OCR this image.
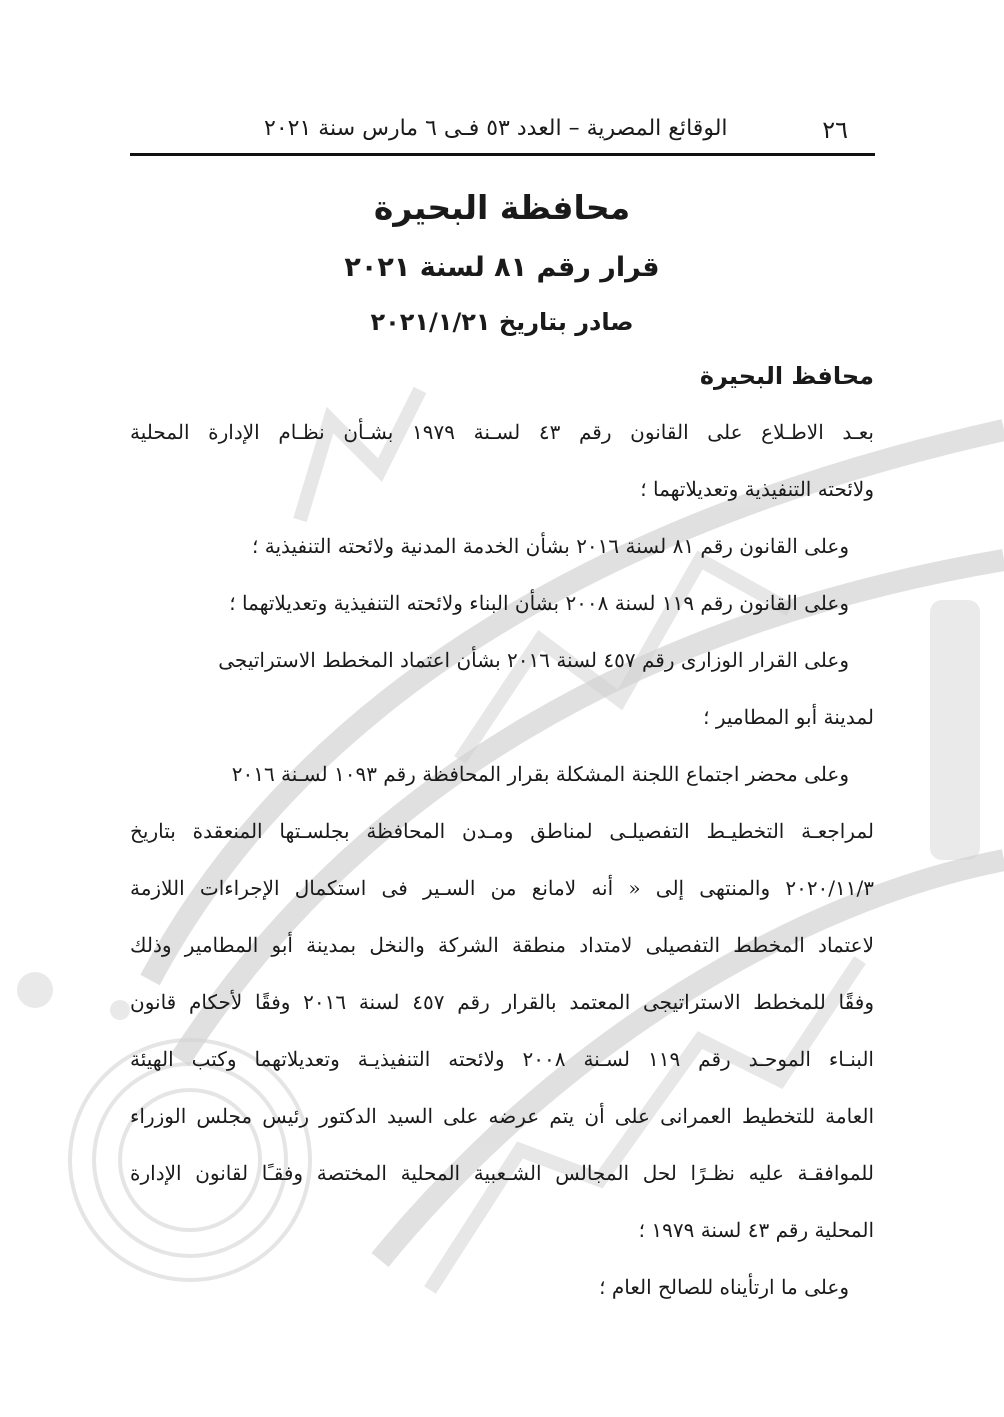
٢٦
الوقائع المصرية – العدد ٥٣ فـى ٦ مارس سنة ٢٠٢١
محافظة البحيرة
قرار رقم ٨١ لسنة ٢٠٢١
صادر بتاريخ ٢٠٢١/١/٢١
محافظ البحيرة
بعـد الاطـلاع على القانون رقم ٤٣ لسـنة ١٩٧٩ بشـأن نظـام الإدارة المحلية
ولائحته التنفيذية وتعديلاتهما ؛
وعلى القانون رقم ٨١ لسنة ٢٠١٦ بشأن الخدمة المدنية ولائحته التنفيذية ؛
وعلى القانون رقم ١١٩ لسنة ٢٠٠٨ بشأن البناء ولائحته التنفيذية وتعديلاتهما ؛
وعلى القرار الوزارى رقم ٤٥٧ لسنة ٢٠١٦ بشأن اعتماد المخطط الاستراتيجى
لمدينة أبو المطامير ؛
وعلى محضر اجتماع اللجنة المشكلة بقرار المحافظة رقم ١٠٩٣ لسـنة ٢٠١٦
لمراجعـة التخطيـط التفصيلـى لمناطق ومـدن المحافظة بجلسـتها المنعقدة بتاريخ
٢٠٢٠/١١/٣ والمنتهى إلى « أنه لامانع من السـير فى استكمال الإجراءات اللازمة
لاعتماد المخطط التفصيلى لامتداد منطقة الشركة والنخل بمدينة أبو المطامير وذلك
وفقًا للمخطط الاستراتيجى المعتمد بالقرار رقم ٤٥٧ لسنة ٢٠١٦ وفقًا لأحكام قانون
البنـاء الموحـد رقم ١١٩ لسـنة ٢٠٠٨ ولائحته التنفيذيـة وتعديلاتهما وكتب الهيئة
العامة للتخطيط العمرانى على أن يتم عرضه على السيد الدكتور رئيس مجلس الوزراء
للموافقـة عليه نظـرًا لحل المجالس الشـعبية المحلية المختصة وفقـًا لقانون الإدارة
المحلية رقم ٤٣ لسنة ١٩٧٩ ؛
وعلى ما ارتأيناه للصالح العام ؛
